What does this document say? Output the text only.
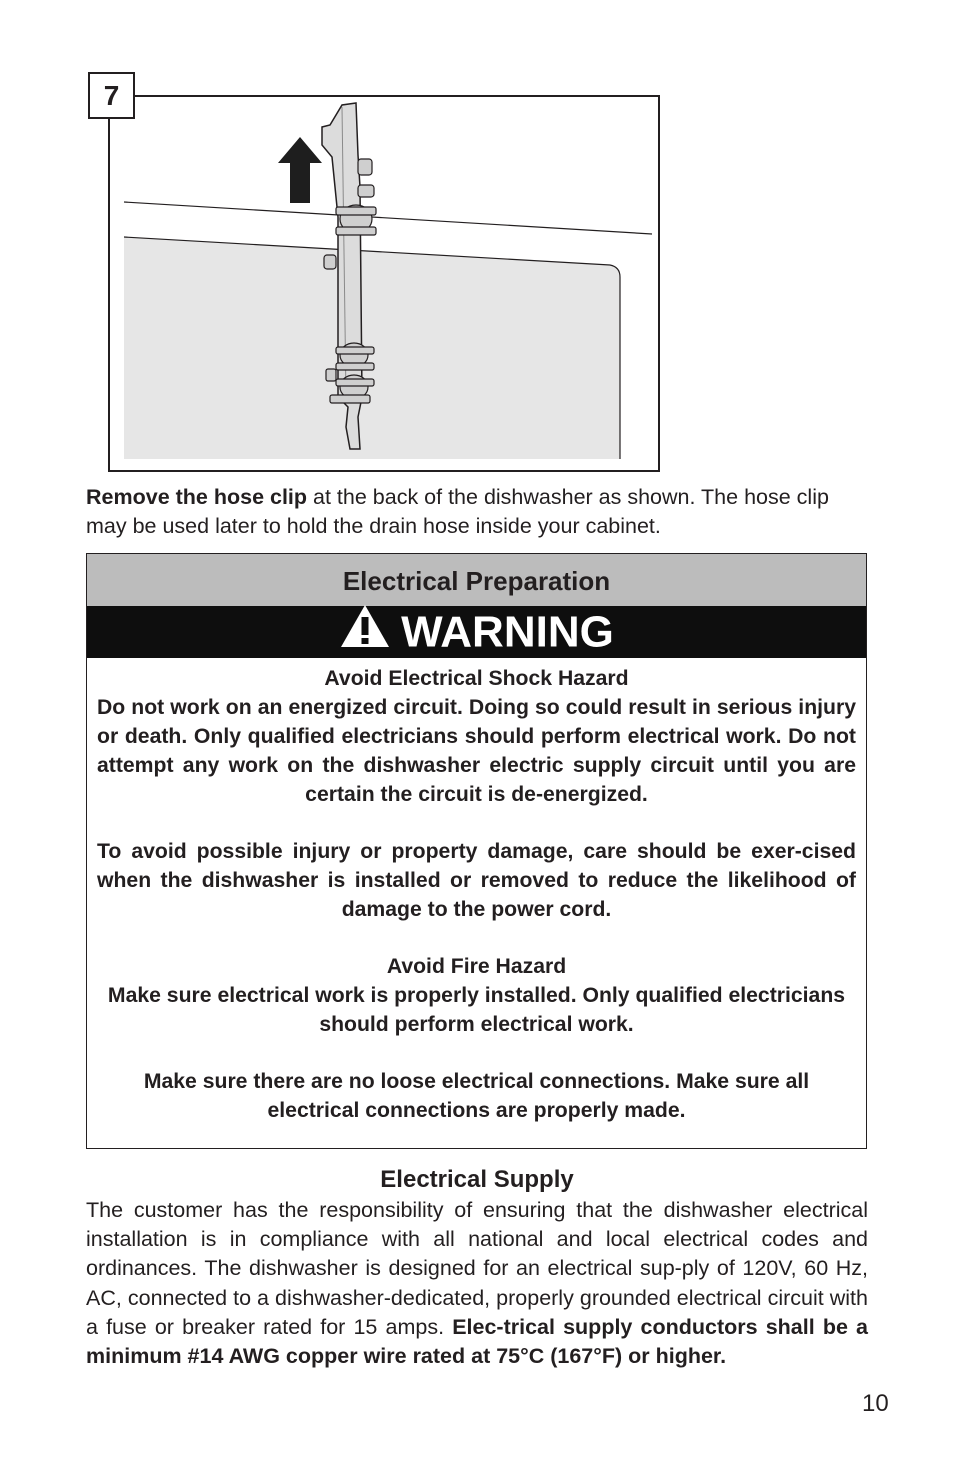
7
Remove the hose clip at the back of the dishwasher as shown. The hose clip may be used later to hold the drain hose inside your cabinet.
Electrical Preparation
WARNING

Avoid Electrical Shock Hazard

Do not work on an energized circuit. Doing so could result in serious injury or death. Only qualified electricians should perform electrical work. Do not attempt any work on the dishwasher electric supply circuit until you are certain the circuit is de-energized.

To avoid possible injury or property damage, care should be exer-cised when the dishwasher is installed or removed to reduce the likelihood of damage to the power cord.

Avoid Fire Hazard

Make sure electrical work is properly installed. Only qualified electricians should perform electrical work.

Make sure there are no loose electrical connections. Make sure all electrical connections are properly made.

Electrical Supply
The customer has the responsibility of ensuring that the dishwasher electrical installation is in compliance with all national and local electrical codes and ordinances. The dishwasher is designed for an electrical sup-ply of 120V, 60 Hz, AC, connected to a dishwasher-dedicated, properly grounded electrical circuit with a fuse or breaker rated for 15 amps. Elec-trical supply conductors shall be a minimum #14 AWG copper wire rated at 75°C (167°F) or higher.
10
